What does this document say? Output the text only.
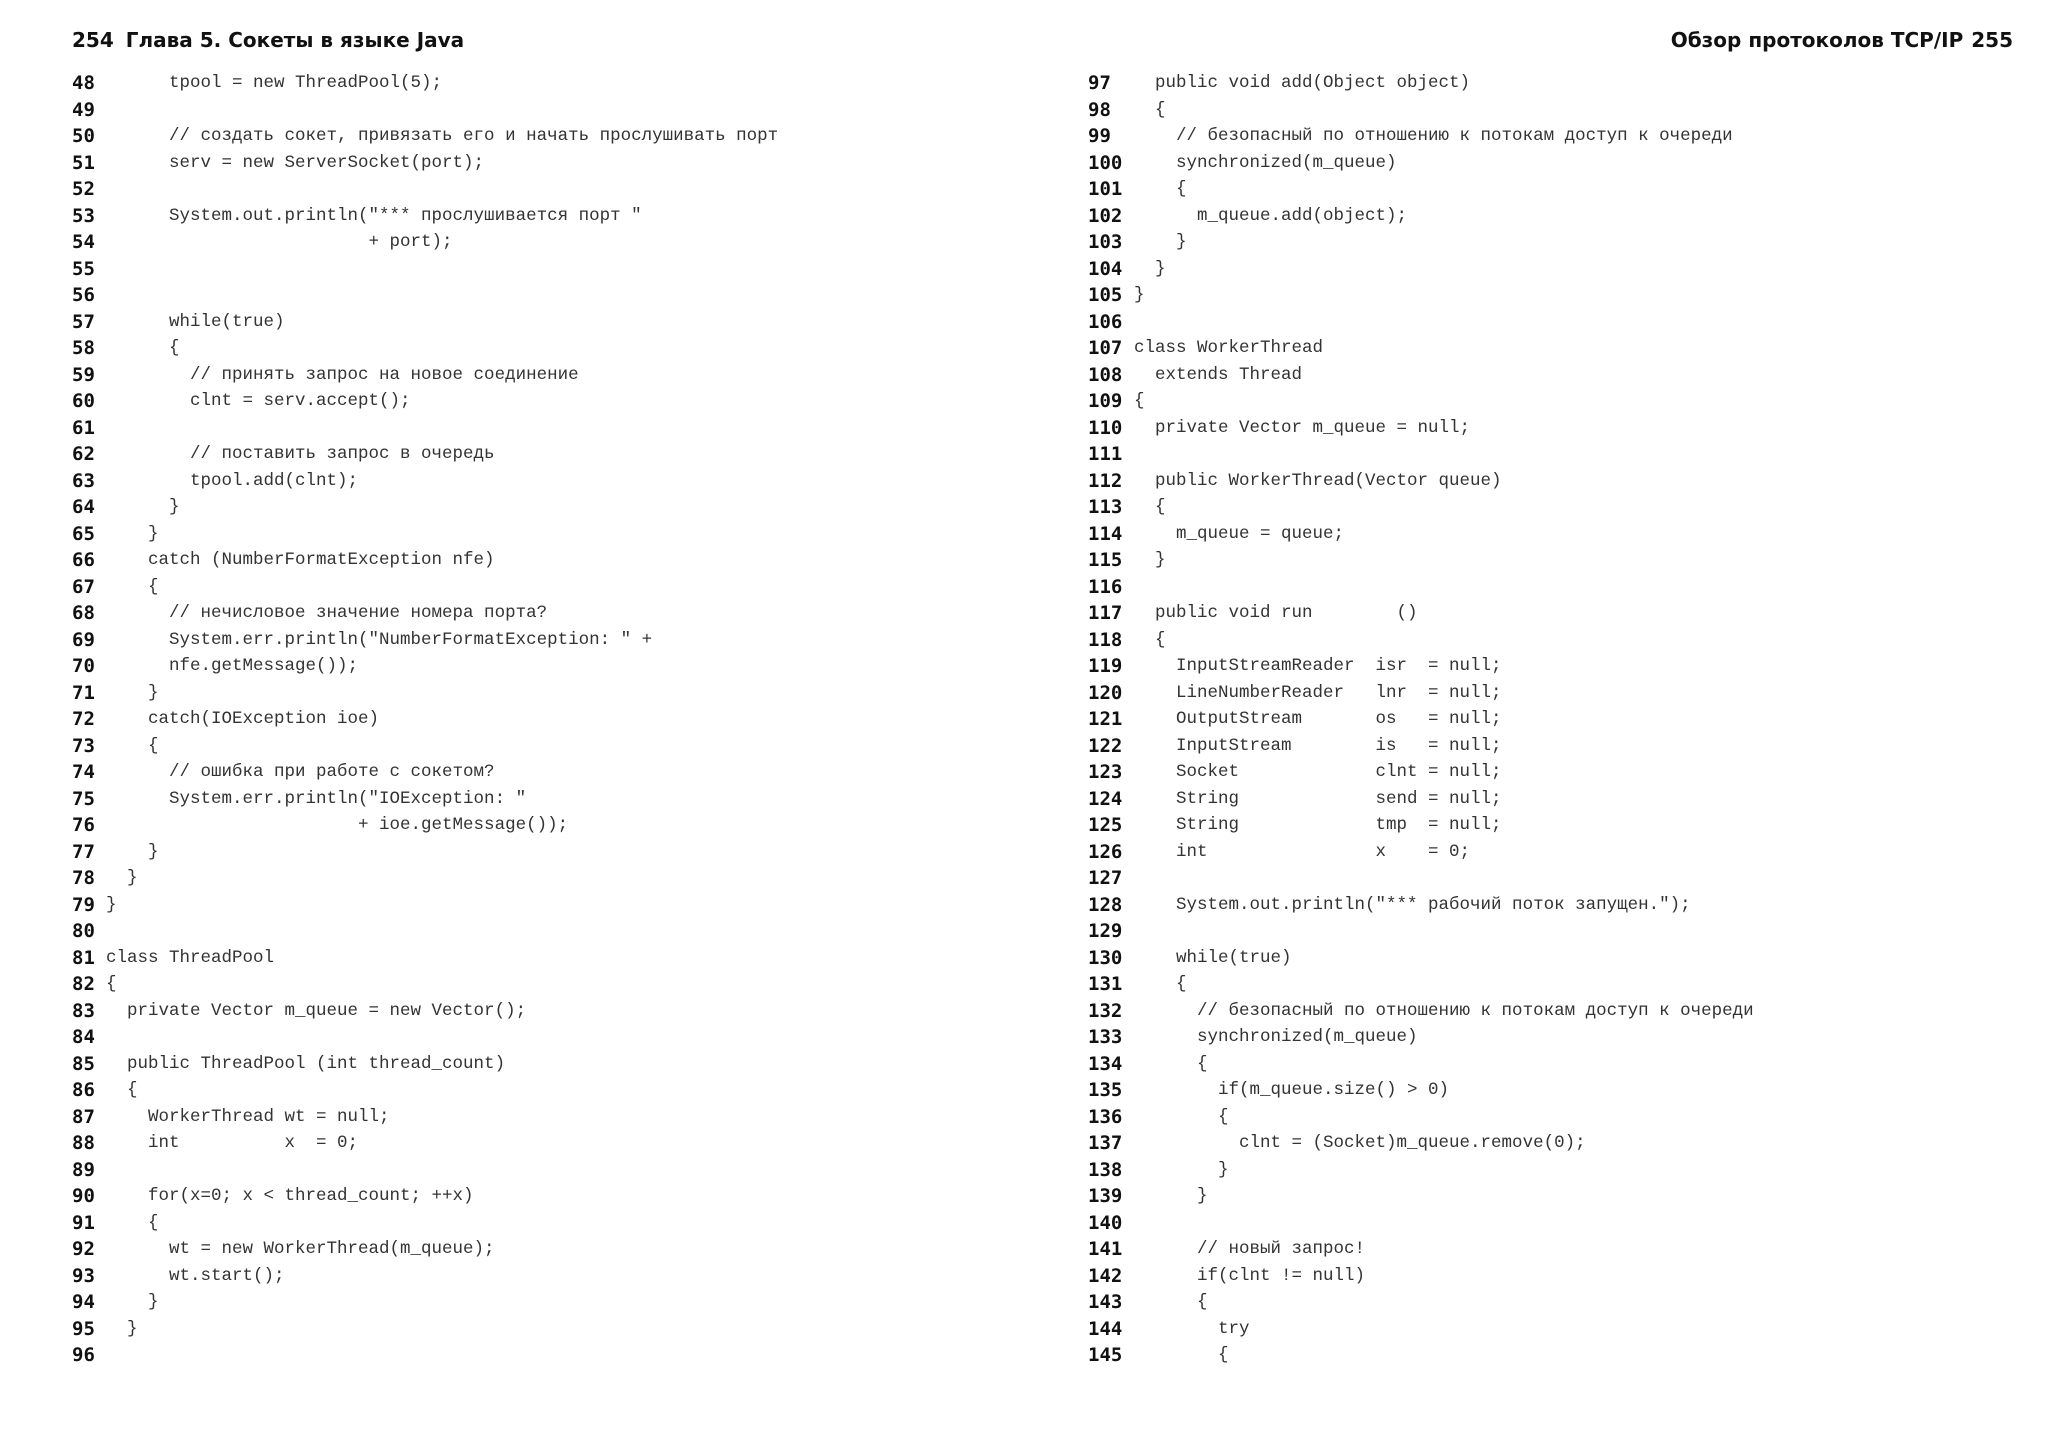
254 Глава 5. Сокеты в языке Java
48      tpool = new ThreadPool(5);
49
50      // создать сокет, привязать его и начать прослушивать порт
51      serv = new ServerSocket(port);
52
53      System.out.println("*** прослушивается порт "
54                         + port);
55
56
57      while(true)
58      {
59        // принять запрос на новое соединение
60        clnt = serv.accept();
61
62        // поставить запрос в очередь
63        tpool.add(clnt);
64      }
65    }
66    catch (NumberFormatException nfe)
67    {
68      // нечисловое значение номера порта?
69      System.err.println("NumberFormatException: " +
70      nfe.getMessage());
71    }
72    catch(IOException ioe)
73    {
74      // ошибка при работе с сокетом?
75      System.err.println("IOException: "
76                        + ioe.getMessage());
77    }
78  }
79 }
80
81 class ThreadPool
82 {
83  private Vector m_queue = new Vector();
84
85  public ThreadPool (int thread_count)
86  {
87    WorkerThread wt = null;
88    int          x  = 0;
89
90    for(x=0; x < thread_count; ++x)
91    {
92      wt = new WorkerThread(m_queue);
93      wt.start();
94    }
95  }
96
Обзор протоколов TCP/IP 255
97  public void add(Object object)
98  {
99    // безопасный по отношению к потокам доступ к очереди
100    synchronized(m_queue)
101    {
102      m_queue.add(object);
103    }
104  }
105 }
106
107 class WorkerThread
108  extends Thread
109 {
110  private Vector m_queue = null;
111
112  public WorkerThread(Vector queue)
113  {
114    m_queue = queue;
115  }
116
117  public void run        ()
118  {
119    InputStreamReader  isr  = null;
120    LineNumberReader   lnr  = null;
121    OutputStream       os   = null;
122    InputStream        is   = null;
123    Socket             clnt = null;
124    String             send = null;
125    String             tmp  = null;
126    int                x    = 0;
127
128    System.out.println("*** рабочий поток запущен.");
129
130    while(true)
131    {
132      // безопасный по отношению к потокам доступ к очереди
133      synchronized(m_queue)
134      {
135        if(m_queue.size() > 0)
136        {
137          clnt = (Socket)m_queue.remove(0);
138        }
139      }
140
141      // новый запрос!
142      if(clnt != null)
143      {
144        try
145        {
